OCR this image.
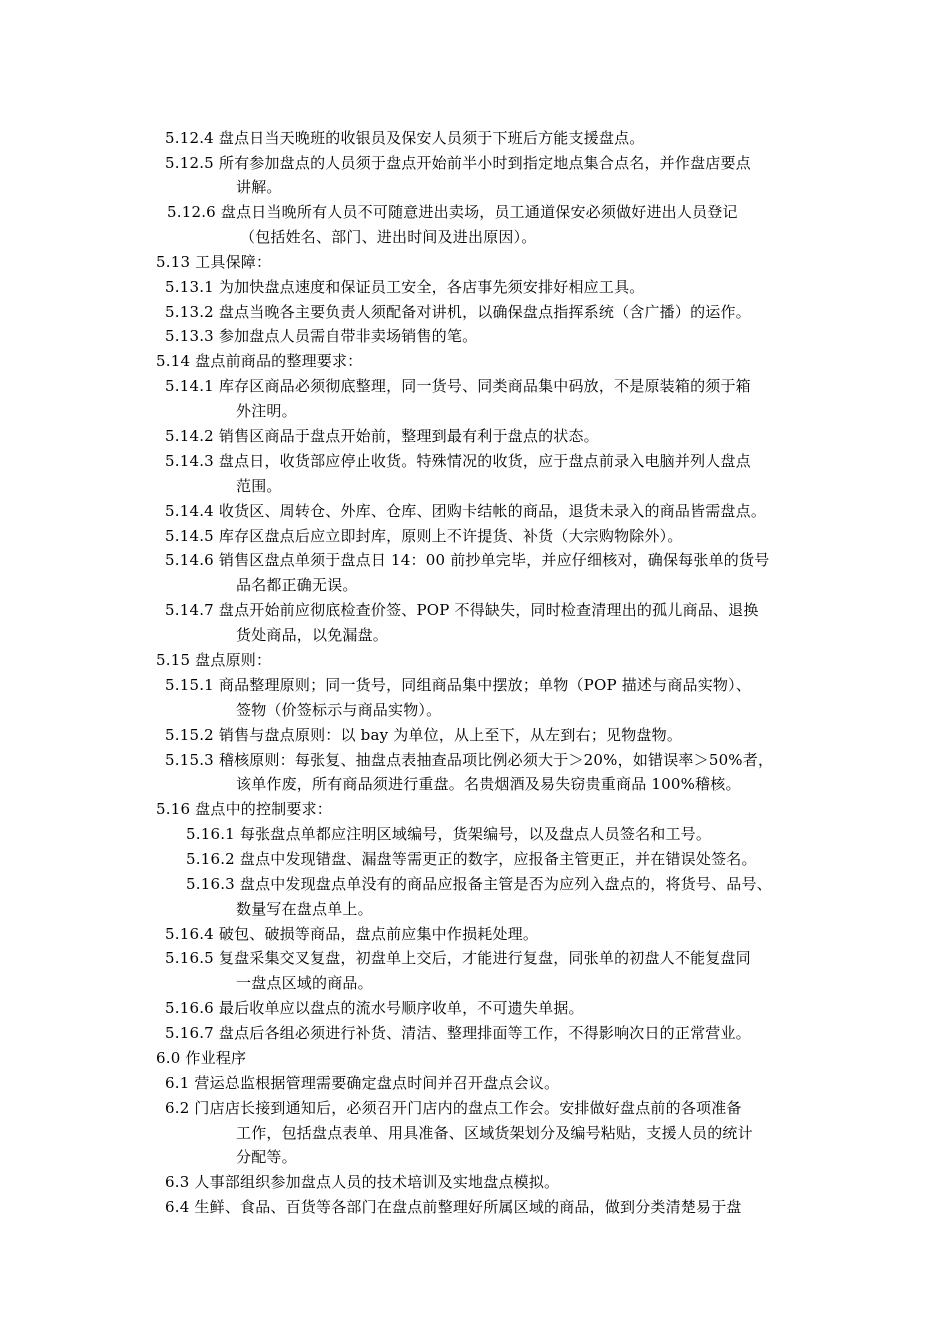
5.12.4 盘点日当天晚班的收银员及保安人员须于下班后方能支援盘点。
5.12.5 所有参加盘点的人员须于盘点开始前半小时到指定地点集合点名，并作盘店要点
讲解。
5.12.6 盘点日当晚所有人员不可随意进出卖场，员工通道保安必须做好进出人员登记
（包括姓名、部门、进出时间及进出原因）。
5.13 工具保障：
5.13.1 为加快盘点速度和保证员工安全，各店事先须安排好相应工具。
5.13.2 盘点当晚各主要负责人须配备对讲机，以确保盘点指挥系统（含广播）的运作。
5.13.3 参加盘点人员需自带非卖场销售的笔。
5.14 盘点前商品的整理要求：
5.14.1 库存区商品必须彻底整理，同一货号、同类商品集中码放，不是原装箱的须于箱
外注明。
5.14.2 销售区商品于盘点开始前，整理到最有利于盘点的状态。
5.14.3 盘点日，收货部应停止收货。特殊情况的收货，应于盘点前录入电脑并列人盘点
范围。
5.14.4 收货区、周转仓、外库、仓库、团购卡结帐的商品，退货未录入的商品皆需盘点。
5.14.5 库存区盘点后应立即封库，原则上不许提货、补货（大宗购物除外）。
5.14.6 销售区盘点单须于盘点日 14：00 前抄单完毕，并应仔细核对，确保每张单的货号
品名都正确无误。
5.14.7 盘点开始前应彻底检查价签、POP 不得缺失，同时检查清理出的孤儿商品、退换
货处商品，以免漏盘。
5.15 盘点原则：
5.15.1 商品整理原则；同一货号，同组商品集中摆放；单物（POP 描述与商品实物）、
签物（价签标示与商品实物）。
5.15.2 销售与盘点原则：以 bay 为单位，从上至下，从左到右；见物盘物。
5.15.3 稽核原则：每张复、抽盘点表抽查品项比例必须大于＞20%，如错误率＞50%者，
该单作废，所有商品须进行重盘。名贵烟酒及易失窃贵重商品 100%稽核。
5.16 盘点中的控制要求：
5.16.1 每张盘点单都应注明区域编号，货架编号，以及盘点人员签名和工号。
5.16.2 盘点中发现错盘、漏盘等需更正的数字，应报备主管更正，并在错误处签名。
5.16.3 盘点中发现盘点单没有的商品应报备主管是否为应列入盘点的，将货号、品号、
数量写在盘点单上。
5.16.4 破包、破损等商品，盘点前应集中作损耗处理。
5.16.5 复盘采集交叉复盘，初盘单上交后，才能进行复盘，同张单的初盘人不能复盘同
一盘点区域的商品。
5.16.6 最后收单应以盘点的流水号顺序收单，不可遗失单据。
5.16.7 盘点后各组必须进行补货、清洁、整理排面等工作，不得影响次日的正常营业。
6.0 作业程序
6.1 营运总监根据管理需要确定盘点时间并召开盘点会议。
6.2 门店店长接到通知后，必须召开门店内的盘点工作会。安排做好盘点前的各项准备
工作，包括盘点表单、用具准备、区域货架划分及编号粘贴，支援人员的统计
分配等。
6.3 人事部组织参加盘点人员的技术培训及实地盘点模拟。
6.4 生鲜、食品、百货等各部门在盘点前整理好所属区域的商品，做到分类清楚易于盘
